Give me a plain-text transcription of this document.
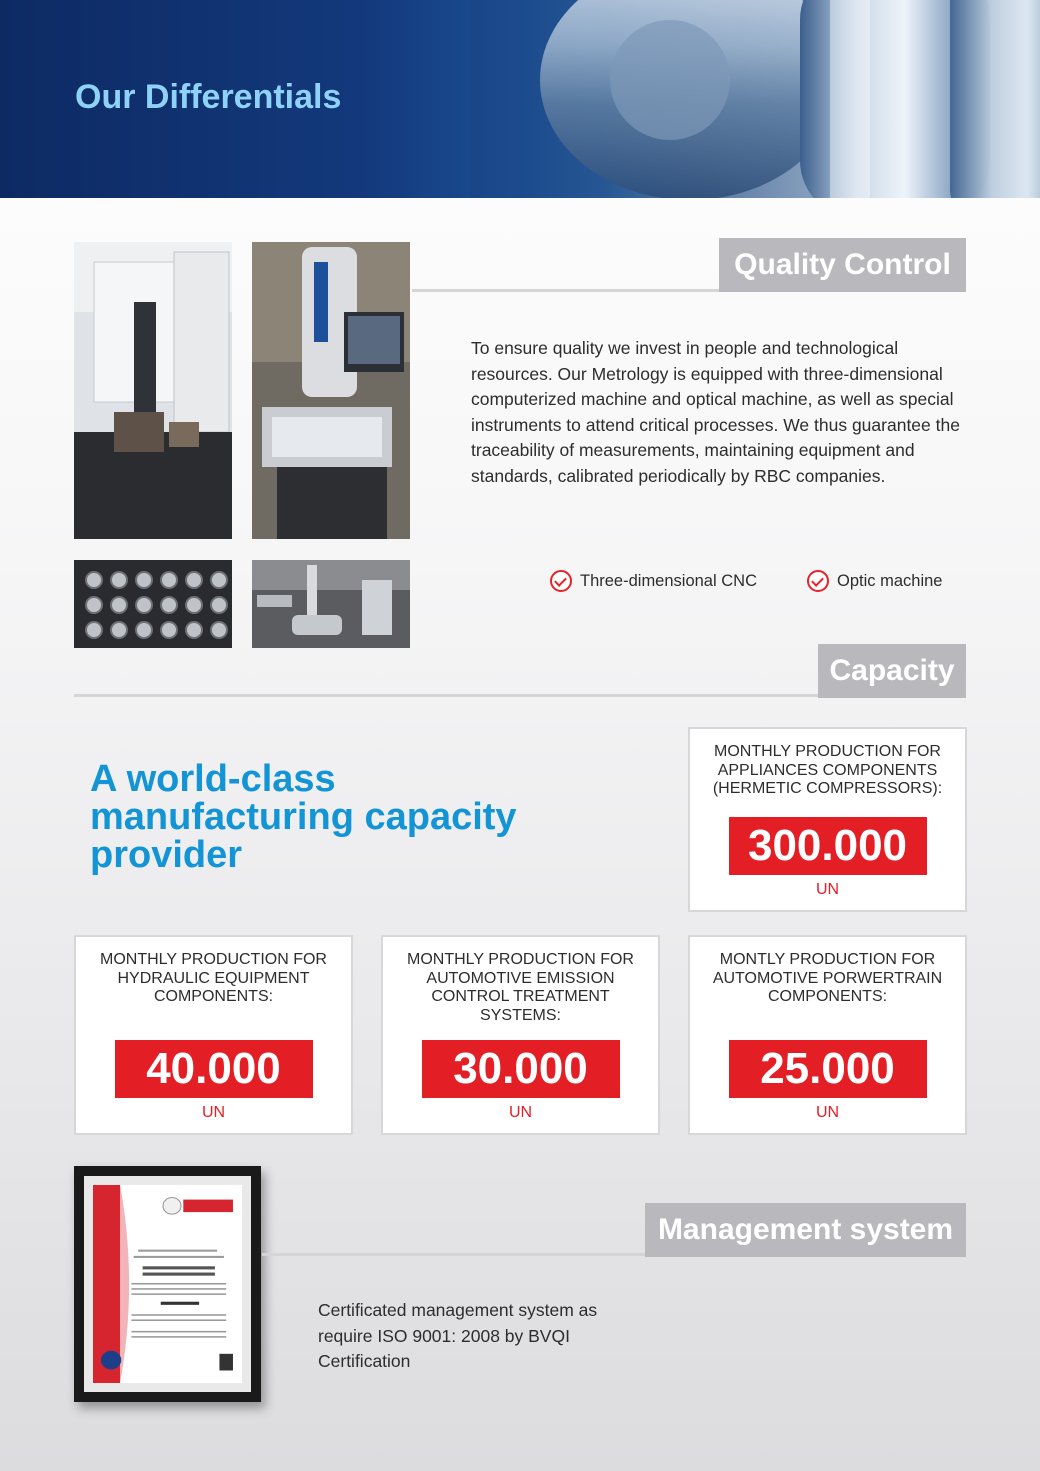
Our Differentials
Quality Control
To ensure quality we invest in people and technological resources. Our Metrology is equipped with three-dimensional computerized machine and optical machine, as well as special instruments to attend critical processes. We thus guarantee the traceability of measurements, maintaining equipment and standards, calibrated periodically by RBC companies.
Three-dimensional CNC	Optic machine
Capacity
A world-class manufacturing capacity provider
MONTHLY PRODUCTION FOR APPLIANCES COMPONENTS (HERMETIC COMPRESSORS):
300.000
UN
MONTHLY PRODUCTION FOR HYDRAULIC EQUIPMENT COMPONENTS:
40.000
UN
MONTHLY PRODUCTION FOR AUTOMOTIVE EMISSION CONTROL TREATMENT SYSTEMS:
30.000
UN
MONTLY PRODUCTION FOR AUTOMOTIVE PORWERTRAIN COMPONENTS:
25.000
UN
Management system
Certificated management system as require ISO 9001: 2008 by BVQI Certification
